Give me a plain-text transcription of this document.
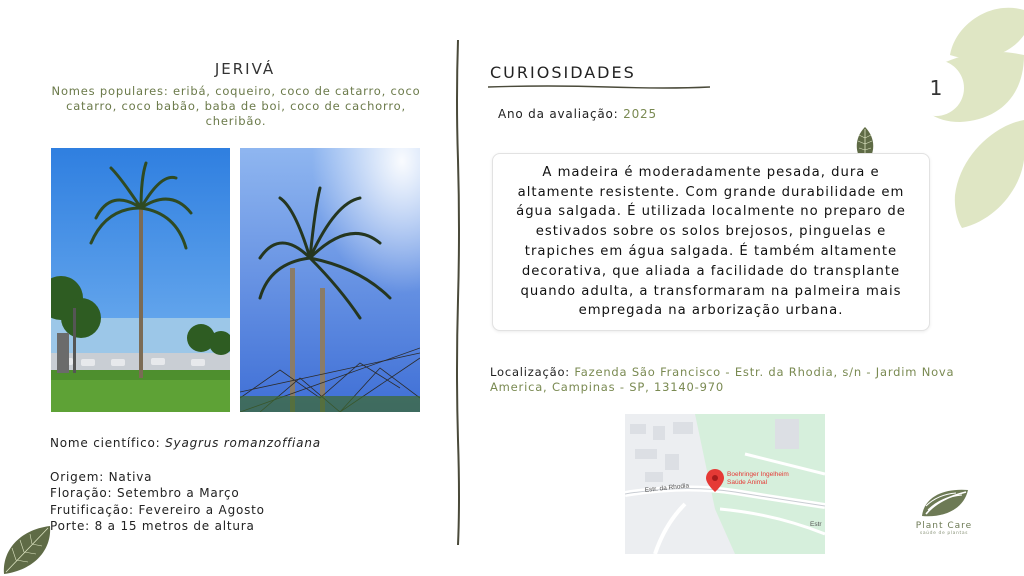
JERIVÁ
Nomes populares: eribá, coqueiro, coco de catarro, coco catarro, coco babão, baba de boi, coco de cachorro, cheribão.
Nome científico: Syagrus romanzoffiana
Origem: Nativa
Floração: Setembro a Março
Frutificação: Fevereiro a Agosto
Porte: 8 a 15 metros de altura
CURIOSIDADES
Ano da avaliação: 2025

A madeira é moderadamente pesada, dura e altamente resistente. Com grande durabilidade em água salgada. É utilizada localmente no preparo de estivados sobre os solos brejosos, pinguelas e trapiches em água salgada. É também altamente decorativa, que aliada a facilidade do transplante quando adulta, a transformaram na palmeira mais empregada na arborização urbana.

Localização: Fazenda São Francisco - Estr. da Rhodia, s/n - Jardim Nova America, Campinas - SP, 13140-970
Estr. da Rhodia
Estr
Boehringer Ingelheim
Saúde Animal
1
Plant Care
saúde de plantas
